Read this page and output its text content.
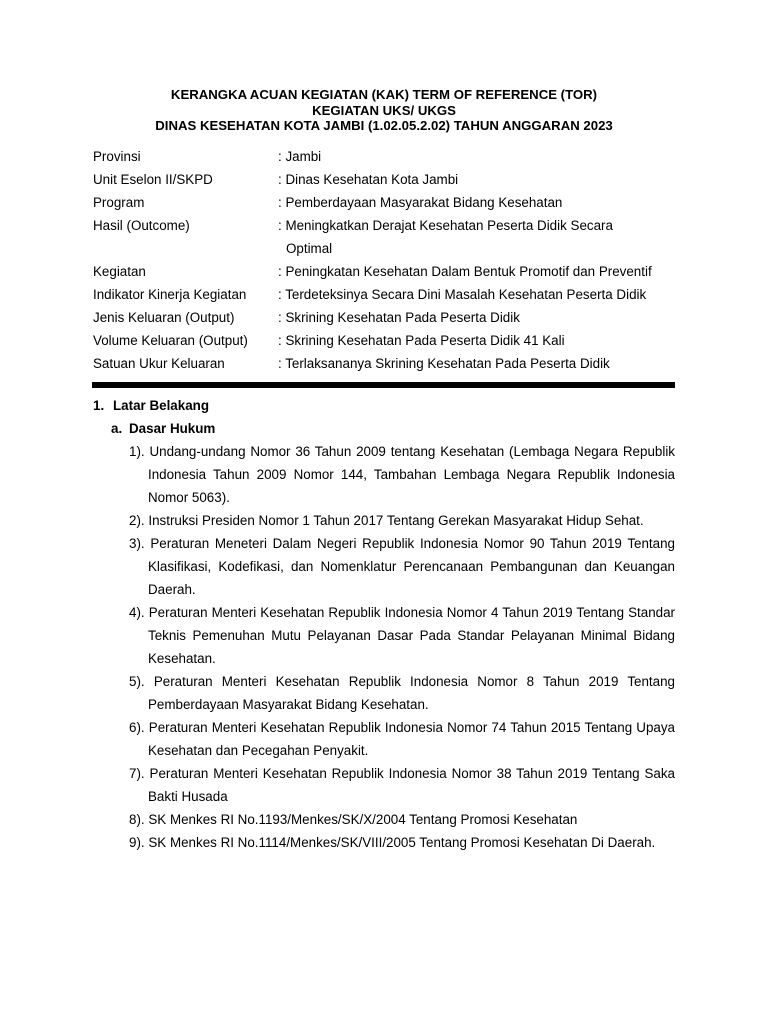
KERANGKA ACUAN KEGIATAN (KAK) TERM OF REFERENCE (TOR)
KEGIATAN UKS/ UKGS
DINAS KESEHATAN KOTA JAMBI (1.02.05.2.02) TAHUN ANGGARAN 2023
Provinsi	: Jambi
Unit Eselon II/SKPD	: Dinas Kesehatan Kota Jambi
Program	: Pemberdayaan Masyarakat Bidang Kesehatan
Hasil (Outcome)	: Meningkatkan Derajat Kesehatan Peserta Didik Secara
Optimal
Kegiatan	: Peningkatan Kesehatan Dalam Bentuk Promotif dan Preventif
Indikator Kinerja Kegiatan	: Terdeteksinya Secara Dini Masalah Kesehatan Peserta Didik
Jenis Keluaran (Output)	: Skrining Kesehatan Pada Peserta Didik
Volume Keluaran (Output)	: Skrining Kesehatan Pada Peserta Didik 41 Kali
Satuan Ukur Keluaran	: Terlaksananya Skrining Kesehatan Pada Peserta Didik
1. Latar Belakang
a. Dasar Hukum
1). Undang-undang Nomor 36 Tahun 2009 tentang Kesehatan (Lembaga Negara Republik Indonesia Tahun 2009 Nomor 144, Tambahan Lembaga Negara Republik Indonesia Nomor 5063).
2). Instruksi Presiden Nomor 1 Tahun 2017 Tentang Gerekan Masyarakat Hidup Sehat.
3). Peraturan Meneteri Dalam Negeri Republik Indonesia Nomor 90 Tahun 2019 Tentang Klasifikasi, Kodefikasi, dan Nomenklatur Perencanaan Pembangunan dan Keuangan Daerah.
4). Peraturan Menteri Kesehatan Republik Indonesia Nomor 4 Tahun 2019 Tentang Standar Teknis Pemenuhan Mutu Pelayanan Dasar Pada Standar Pelayanan Minimal Bidang Kesehatan.
5). Peraturan Menteri Kesehatan Republik Indonesia Nomor 8 Tahun 2019 Tentang Pemberdayaan Masyarakat Bidang Kesehatan.
6). Peraturan Menteri Kesehatan Republik Indonesia Nomor 74 Tahun 2015 Tentang Upaya Kesehatan dan Pecegahan Penyakit.
7). Peraturan Menteri Kesehatan Republik Indonesia Nomor 38 Tahun 2019 Tentang Saka Bakti Husada
8). SK Menkes RI No.1193/Menkes/SK/X/2004 Tentang Promosi Kesehatan
9). SK Menkes RI No.1114/Menkes/SK/VIII/2005 Tentang Promosi Kesehatan Di Daerah.
